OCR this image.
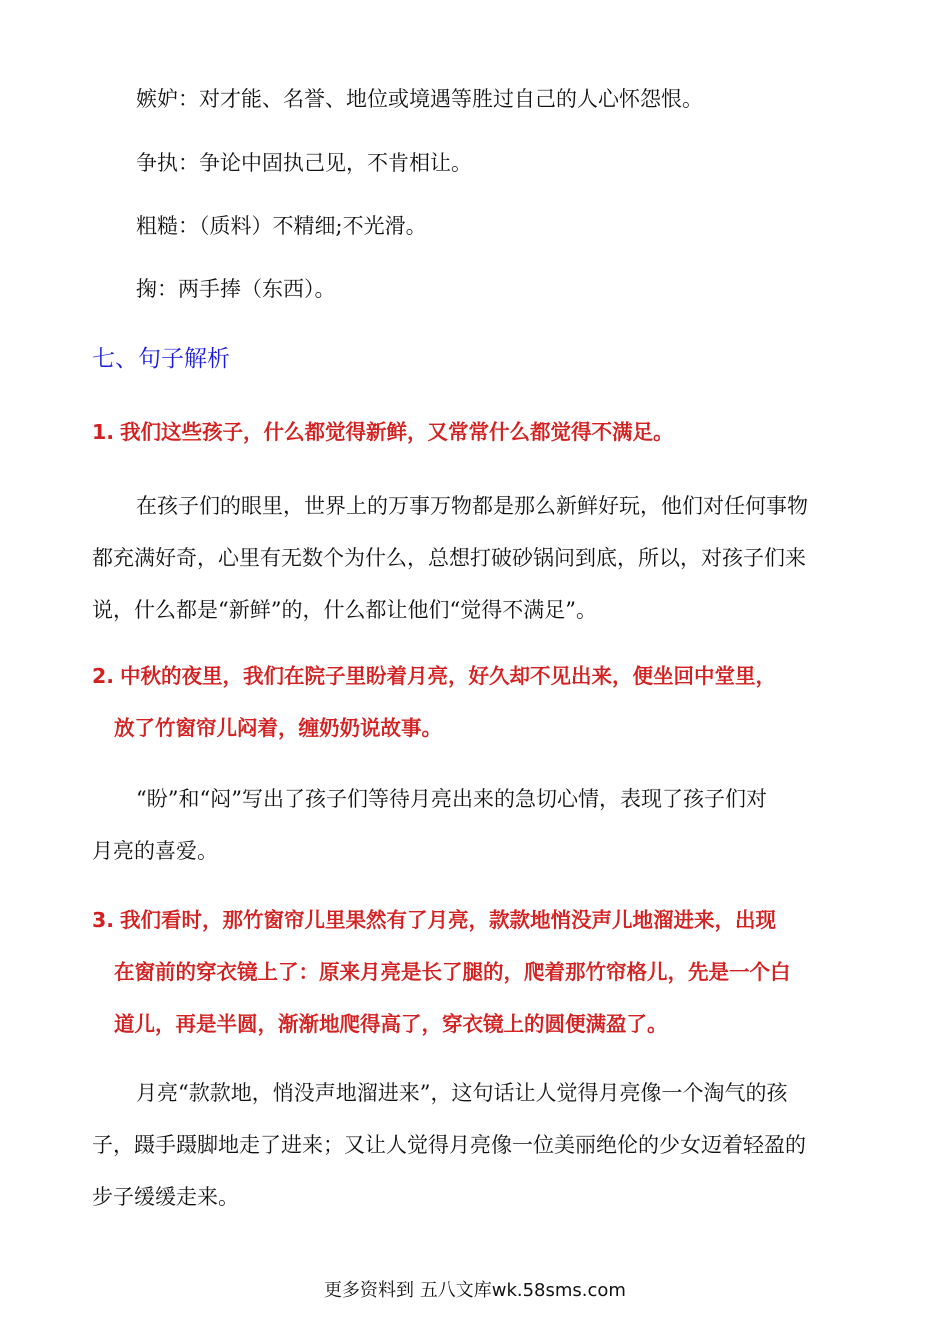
嫉妒：对才能、名誉、地位或境遇等胜过自己的人心怀怨恨。
争执：争论中固执己见，不肯相让。
粗糙：（质料）不精细;不光滑。
掬：两手捧（东西）。
七、句子解析
1. 我们这些孩子，什么都觉得新鲜，又常常什么都觉得不满足。
在孩子们的眼里，世界上的万事万物都是那么新鲜好玩，他们对任何事物
都充满好奇，心里有无数个为什么，总想打破砂锅问到底，所以，对孩子们来
说，什么都是“新鲜”的，什么都让他们“觉得不满足”。
2. 中秋的夜里，我们在院子里盼着月亮，好久却不见出来，便坐回中堂里，
放了竹窗帘儿闷着，缠奶奶说故事。
“盼”和“闷”写出了孩子们等待月亮出来的急切心情，表现了孩子们对
月亮的喜爱。
3. 我们看时，那竹窗帘儿里果然有了月亮，款款地悄没声儿地溜进来，出现
在窗前的穿衣镜上了：原来月亮是长了腿的，爬着那竹帘格儿，先是一个白
道儿，再是半圆，渐渐地爬得高了，穿衣镜上的圆便满盈了。
月亮“款款地，悄没声地溜进来”，这句话让人觉得月亮像一个淘气的孩
子，蹑手蹑脚地走了进来；又让人觉得月亮像一位美丽绝伦的少女迈着轻盈的
步子缓缓走来。
更多资料到 五八文库wk.58sms.com
